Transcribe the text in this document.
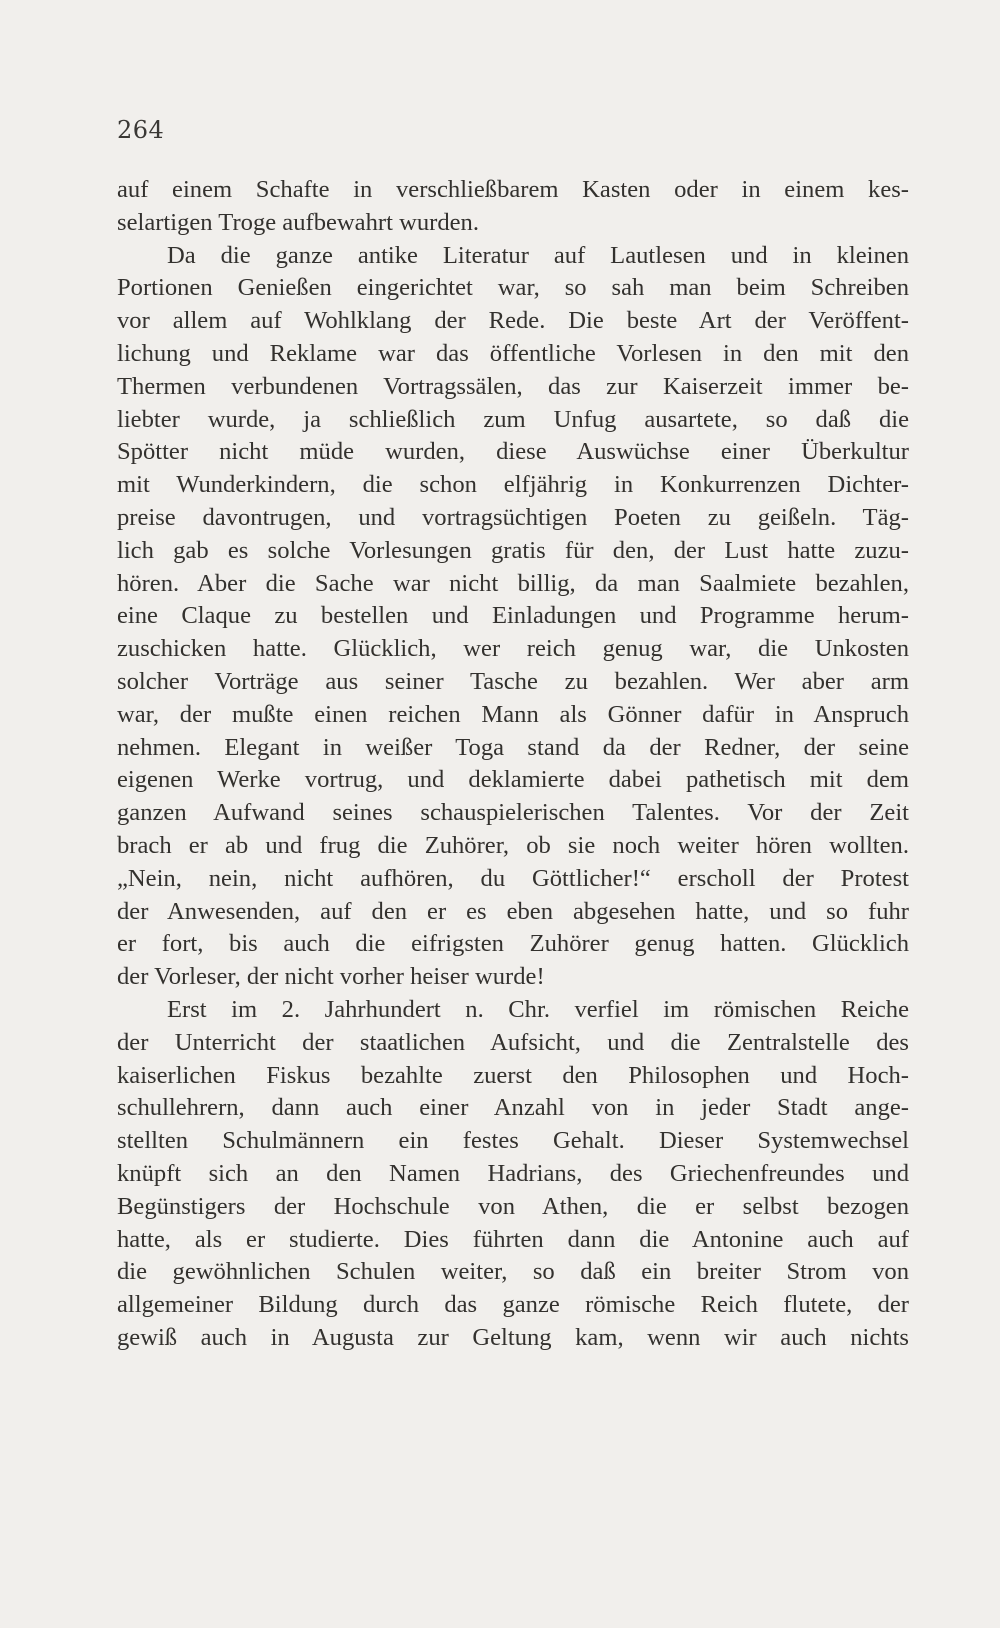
264
auf einem Schafte in verschließbarem Kasten oder in einem kes-
selartigen Troge aufbewahrt wurden.
Da die ganze antike Literatur auf Lautlesen und in kleinen
Portionen Genießen eingerichtet war, so sah man beim Schreiben
vor allem auf Wohlklang der Rede. Die beste Art der Veröffent-
lichung und Reklame war das öffentliche Vorlesen in den mit den
Thermen verbundenen Vortragssälen, das zur Kaiserzeit immer be-
liebter wurde, ja schließlich zum Unfug ausartete, so daß die
Spötter nicht müde wurden, diese Auswüchse einer Überkultur
mit Wunderkindern, die schon elfjährig in Konkurrenzen Dichter-
preise davontrugen, und vortragsüchtigen Poeten zu geißeln. Täg-
lich gab es solche Vorlesungen gratis für den, der Lust hatte zuzu-
hören. Aber die Sache war nicht billig, da man Saalmiete bezahlen,
eine Claque zu bestellen und Einladungen und Programme herum-
zuschicken hatte. Glücklich, wer reich genug war, die Unkosten
solcher Vorträge aus seiner Tasche zu bezahlen. Wer aber arm
war, der mußte einen reichen Mann als Gönner dafür in Anspruch
nehmen. Elegant in weißer Toga stand da der Redner, der seine
eigenen Werke vortrug, und deklamierte dabei pathetisch mit dem
ganzen Aufwand seines schauspielerischen Talentes. Vor der Zeit
brach er ab und frug die Zuhörer, ob sie noch weiter hören wollten.
„Nein, nein, nicht aufhören, du Göttlicher!“ erscholl der Protest
der Anwesenden, auf den er es eben abgesehen hatte, und so fuhr
er fort, bis auch die eifrigsten Zuhörer genug hatten. Glücklich
der Vorleser, der nicht vorher heiser wurde!
Erst im 2. Jahrhundert n. Chr. verfiel im römischen Reiche
der Unterricht der staatlichen Aufsicht, und die Zentralstelle des
kaiserlichen Fiskus bezahlte zuerst den Philosophen und Hoch-
schullehrern, dann auch einer Anzahl von in jeder Stadt ange-
stellten Schulmännern ein festes Gehalt. Dieser Systemwechsel
knüpft sich an den Namen Hadrians, des Griechenfreundes und
Begünstigers der Hochschule von Athen, die er selbst bezogen
hatte, als er studierte. Dies führten dann die Antonine auch auf
die gewöhnlichen Schulen weiter, so daß ein breiter Strom von
allgemeiner Bildung durch das ganze römische Reich flutete, der
gewiß auch in Augusta zur Geltung kam, wenn wir auch nichts
